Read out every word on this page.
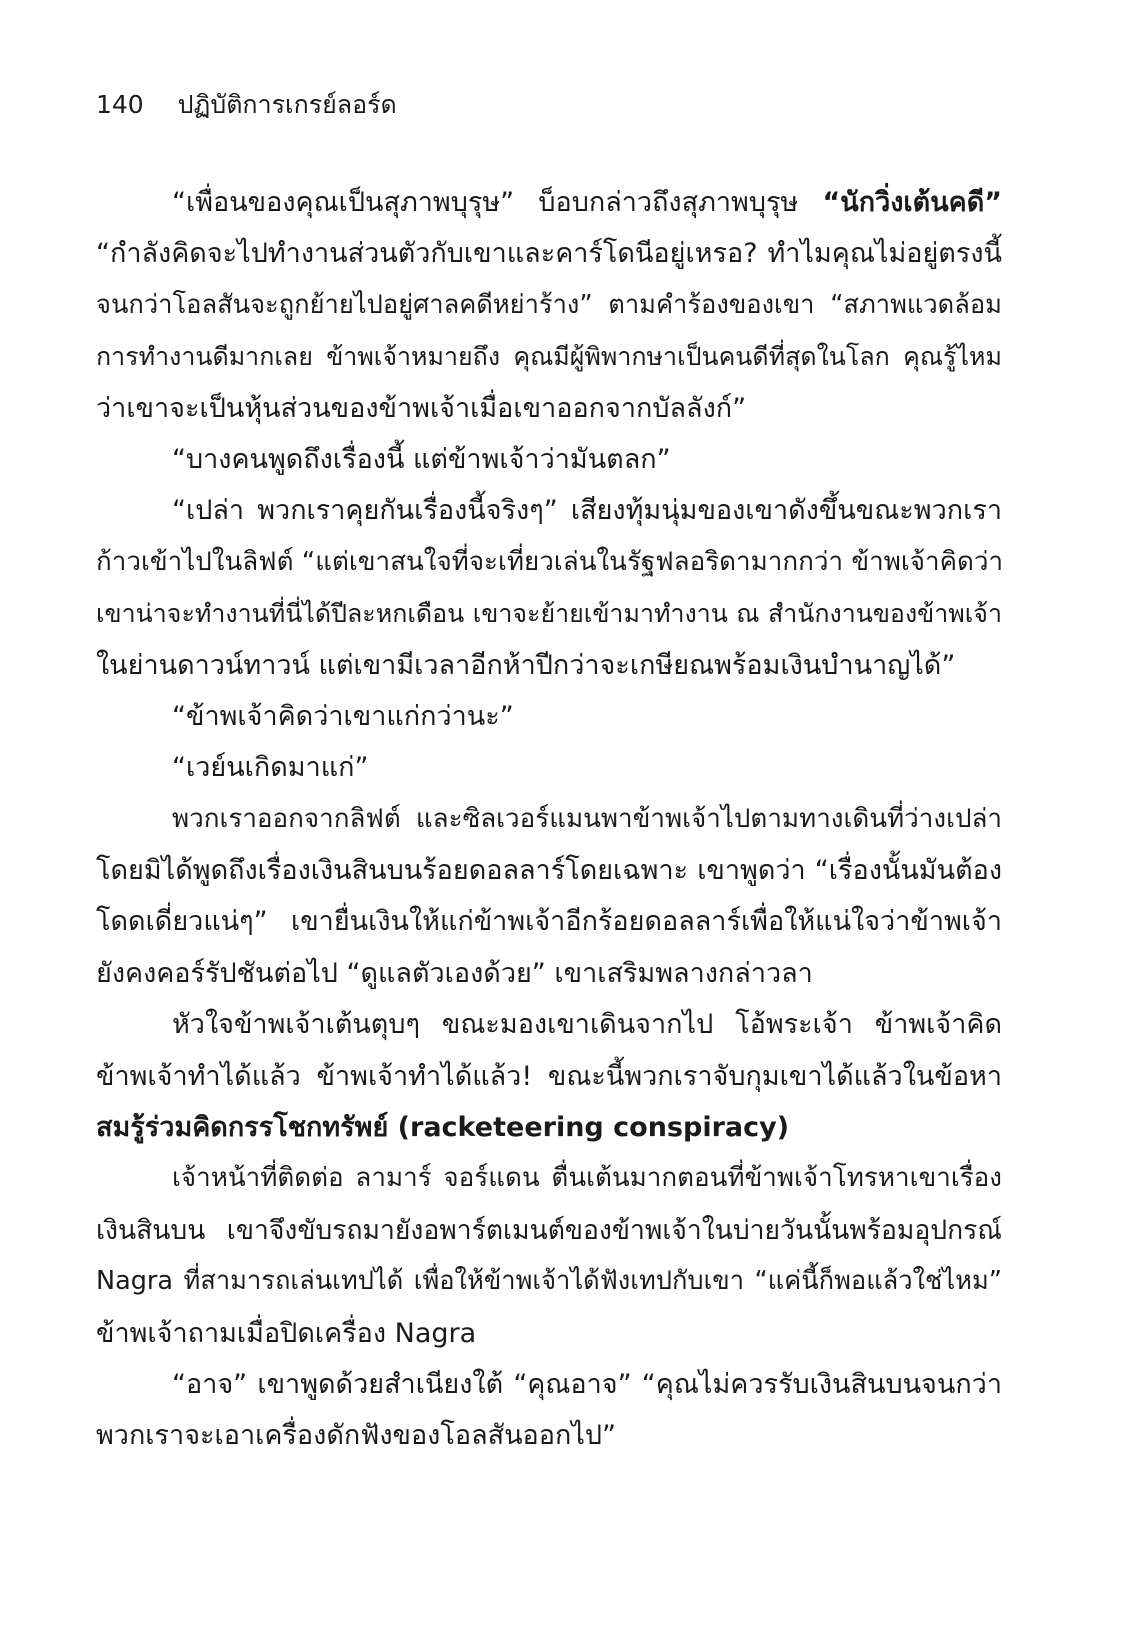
140 ปฏิบัติการเกรย์ลอร์ด
“เพื่อนของคุณเป็นสุภาพบุรุษ” บ็อบกล่าวถึงสุภาพบุรุษ “นักวิ่งเต้นคดี”
“กำลังคิดจะไปทำงานส่วนตัวกับเขาและคาร์โดนีอยู่เหรอ? ทำไมคุณไม่อยู่ตรงนี้
จนกว่าโอลสันจะถูกย้ายไปอยู่ศาลคดีหย่าร้าง” ตามคำร้องของเขา “สภาพแวดล้อม
การทำงานดีมากเลย ข้าพเจ้าหมายถึง คุณมีผู้พิพากษาเป็นคนดีที่สุดในโลก คุณรู้ไหม
ว่าเขาจะเป็นหุ้นส่วนของข้าพเจ้าเมื่อเขาออกจากบัลลังก์”
“บางคนพูดถึงเรื่องนี้ แต่ข้าพเจ้าว่ามันตลก”
“เปล่า พวกเราคุยกันเรื่องนี้จริงๆ” เสียงทุ้มนุ่มของเขาดังขึ้นขณะพวกเรา
ก้าวเข้าไปในลิฟต์ “แต่เขาสนใจที่จะเที่ยวเล่นในรัฐฟลอริดามากกว่า ข้าพเจ้าคิดว่า
เขาน่าจะทำงานที่นี่ได้ปีละหกเดือน เขาจะย้ายเข้ามาทำงาน ณ สำนักงานของข้าพเจ้า
ในย่านดาวน์ทาวน์ แต่เขามีเวลาอีกห้าปีกว่าจะเกษียณพร้อมเงินบำนาญได้”
“ข้าพเจ้าคิดว่าเขาแก่กว่านะ”
“เวย์นเกิดมาแก่”
พวกเราออกจากลิฟต์ และซิลเวอร์แมนพาข้าพเจ้าไปตามทางเดินที่ว่างเปล่า
โดยมิได้พูดถึงเรื่องเงินสินบนร้อยดอลลาร์โดยเฉพาะ เขาพูดว่า “เรื่องนั้นมันต้อง
โดดเดี่ยวแน่ๆ” เขายื่นเงินให้แก่ข้าพเจ้าอีกร้อยดอลลาร์เพื่อให้แน่ใจว่าข้าพเจ้า
ยังคงคอร์รัปชันต่อไป “ดูแลตัวเองด้วย” เขาเสริมพลางกล่าวลา
หัวใจข้าพเจ้าเต้นตุบๆ ขณะมองเขาเดินจากไป โอ้พระเจ้า ข้าพเจ้าคิด
ข้าพเจ้าทำได้แล้ว ข้าพเจ้าทำได้แล้ว! ขณะนี้พวกเราจับกุมเขาได้แล้วในข้อหา
สมรู้ร่วมคิดกรรโชกทรัพย์ (racketeering conspiracy)
เจ้าหน้าที่ติดต่อ ลามาร์ จอร์แดน ตื่นเต้นมากตอนที่ข้าพเจ้าโทรหาเขาเรื่อง
เงินสินบน เขาจึงขับรถมายังอพาร์ตเมนต์ของข้าพเจ้าในบ่ายวันนั้นพร้อมอุปกรณ์
Nagra ที่สามารถเล่นเทปได้ เพื่อให้ข้าพเจ้าได้ฟังเทปกับเขา “แค่นี้ก็พอแล้วใช่ไหม”
ข้าพเจ้าถามเมื่อปิดเครื่อง Nagra
“อาจ” เขาพูดด้วยสำเนียงใต้ “คุณอาจ” “คุณไม่ควรรับเงินสินบนจนกว่า
พวกเราจะเอาเครื่องดักฟังของโอลสันออกไป”
